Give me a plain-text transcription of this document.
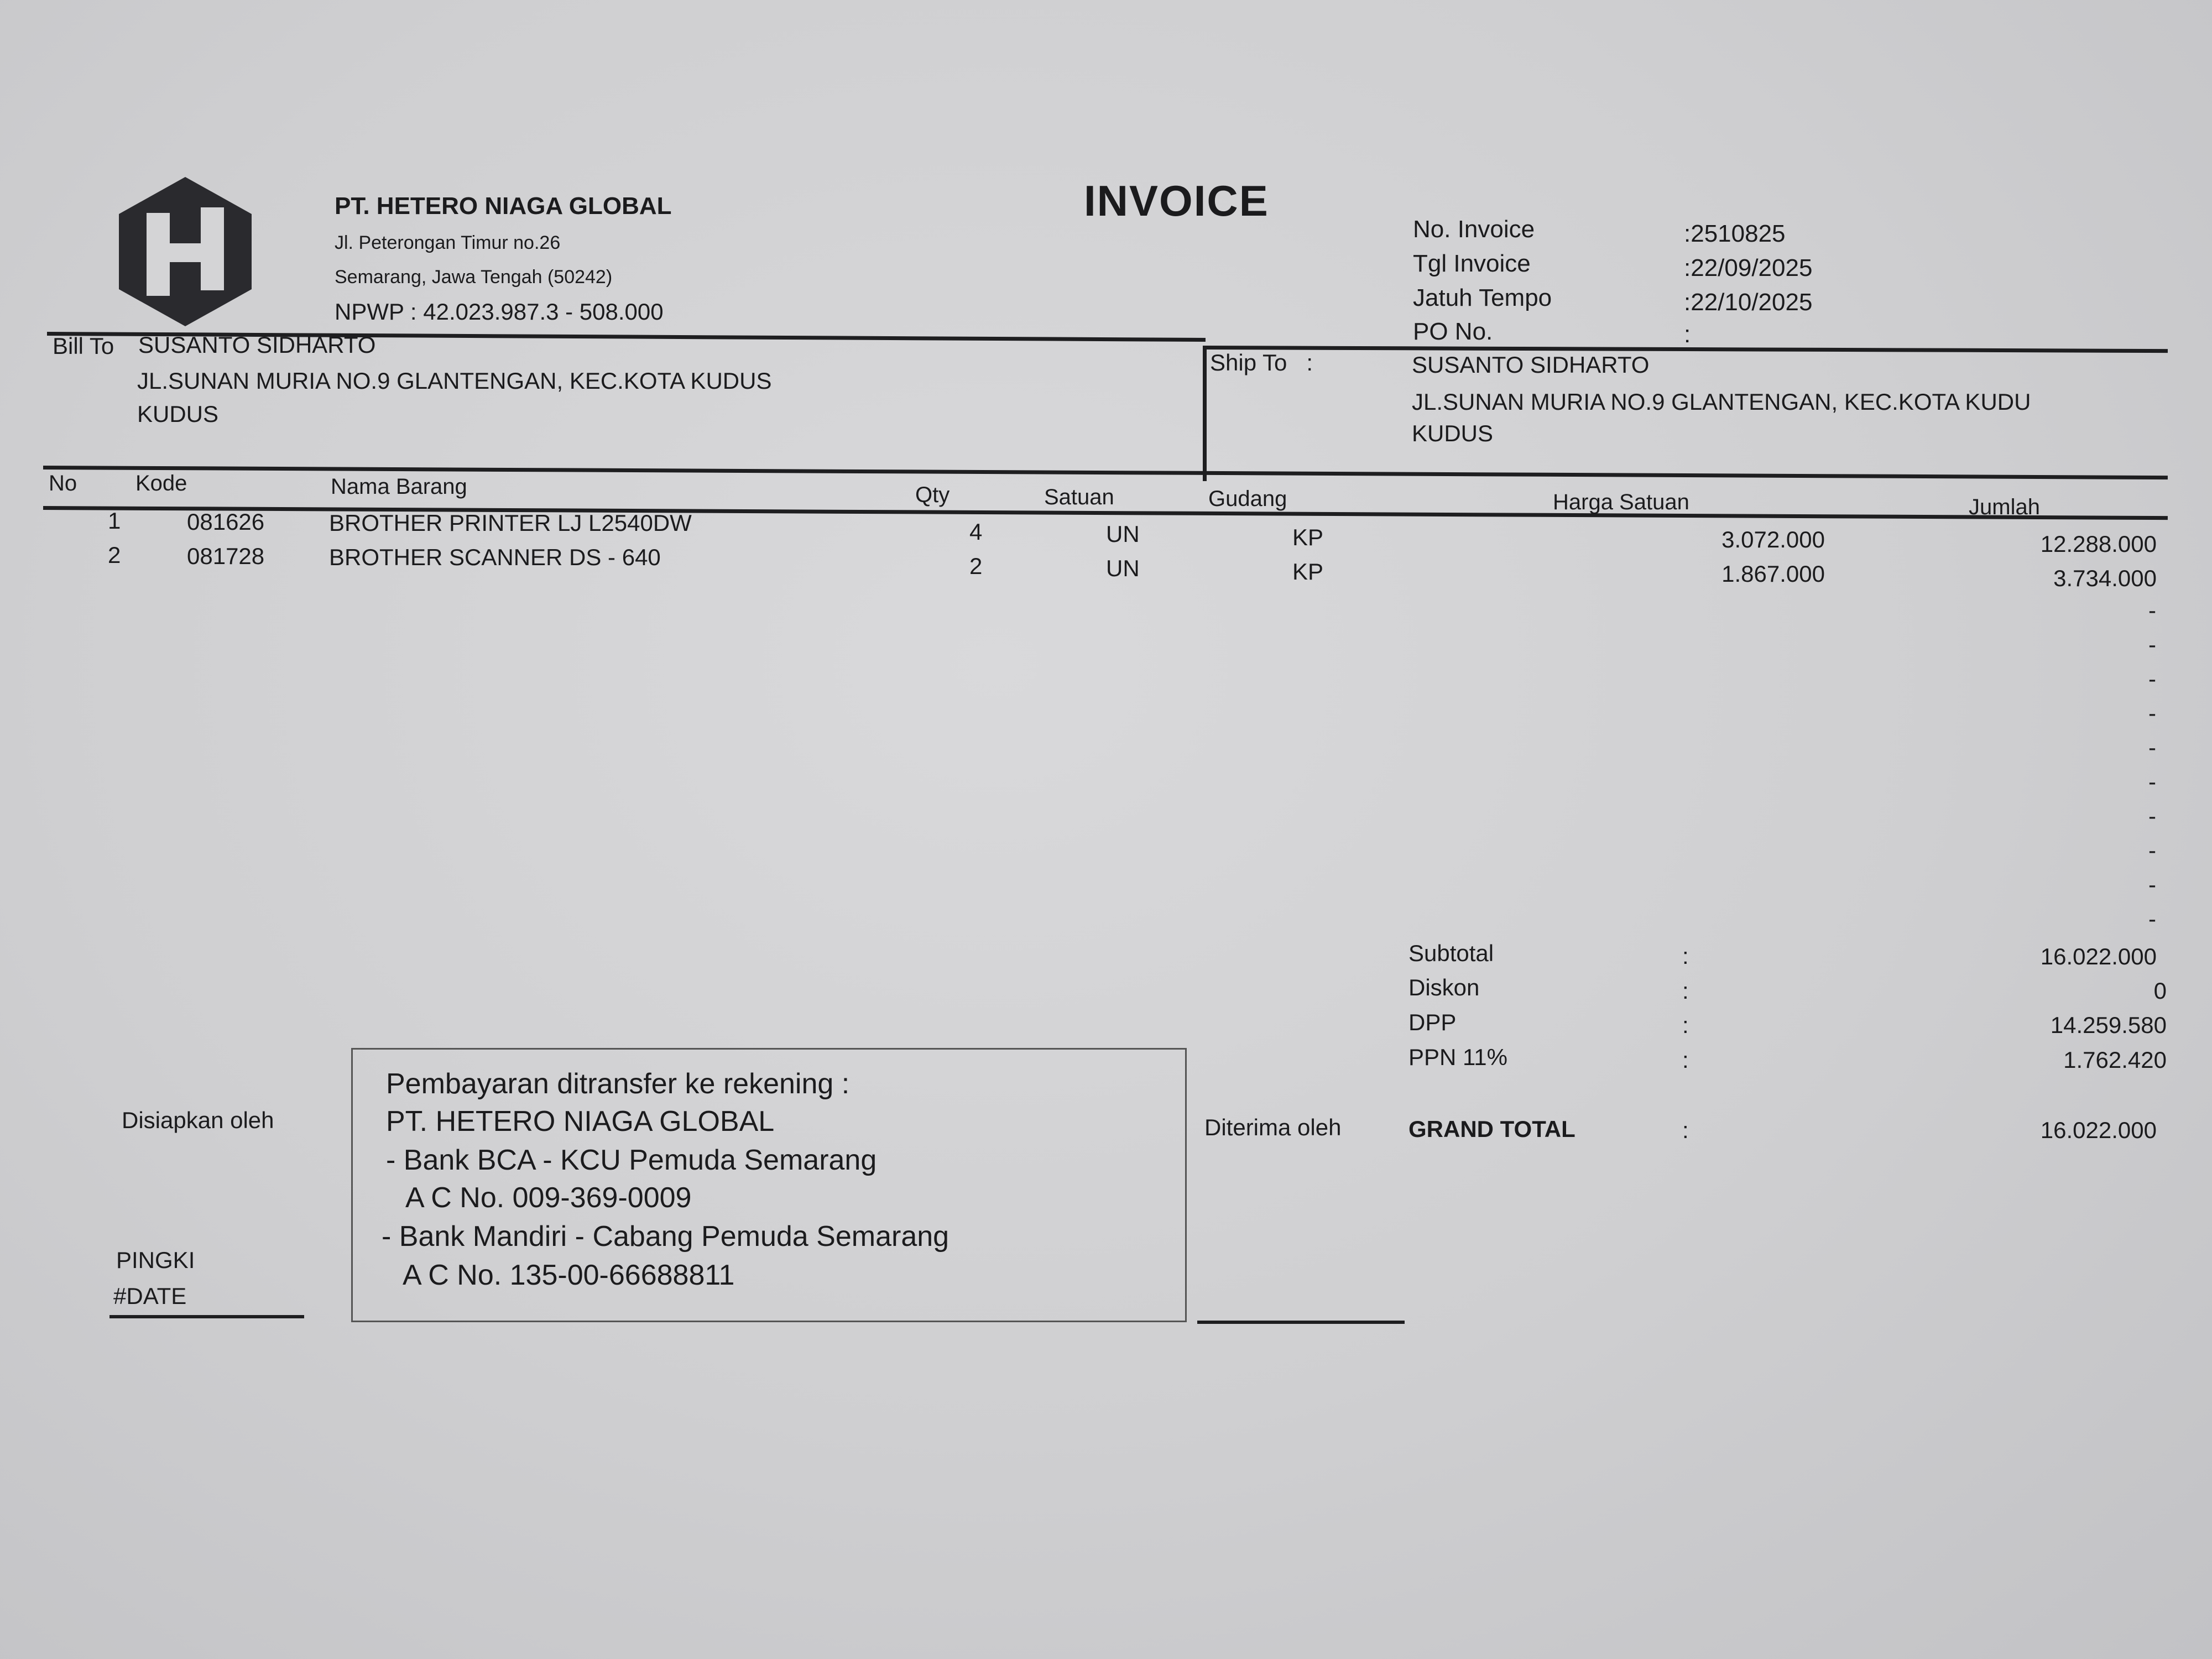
PT. HETERO NIAGA GLOBAL
Jl. Peterongan Timur no.26
Semarang, Jawa Tengah (50242)
NPWP : 42.023.987.3 - 508.000
INVOICE
No. Invoice	:2510825
Tgl Invoice	:22/09/2025
Jatuh Tempo	:22/10/2025
PO No.	:
Bill To SUSANTO SIDHARTO
JL.SUNAN MURIA NO.9 GLANTENGAN, KEC.KOTA KUDUS
KUDUS
Ship To   :	SUSANTO SIDHARTO
JL.SUNAN MURIA NO.9 GLANTENGAN, KEC.KOTA KUDU
KUDUS
No	Kode	Nama Barang	Qty	Satuan	Gudang	Harga Satuan	Jumlah
1	081626	BROTHER PRINTER LJ L2540DW	4	UN	KP	3.072.000	12.288.000
2	081728	BROTHER SCANNER DS - 640	2	UN	KP	1.867.000	3.734.000
-
-
-
-
-
-
-
-
-
-
Subtotal	:	16.022.000
Diskon	:	0
DPP	:	14.259.580
PPN 11%	:	1.762.420
GRAND TOTAL	:	16.022.000
Disiapkan oleh
PINGKI
#DATE
Pembayaran ditransfer ke rekening :
PT. HETERO NIAGA GLOBAL
- Bank BCA - KCU Pemuda Semarang
A C No. 009-369-0009
- Bank Mandiri - Cabang Pemuda Semarang
A C No. 135-00-66688811
Diterima oleh
